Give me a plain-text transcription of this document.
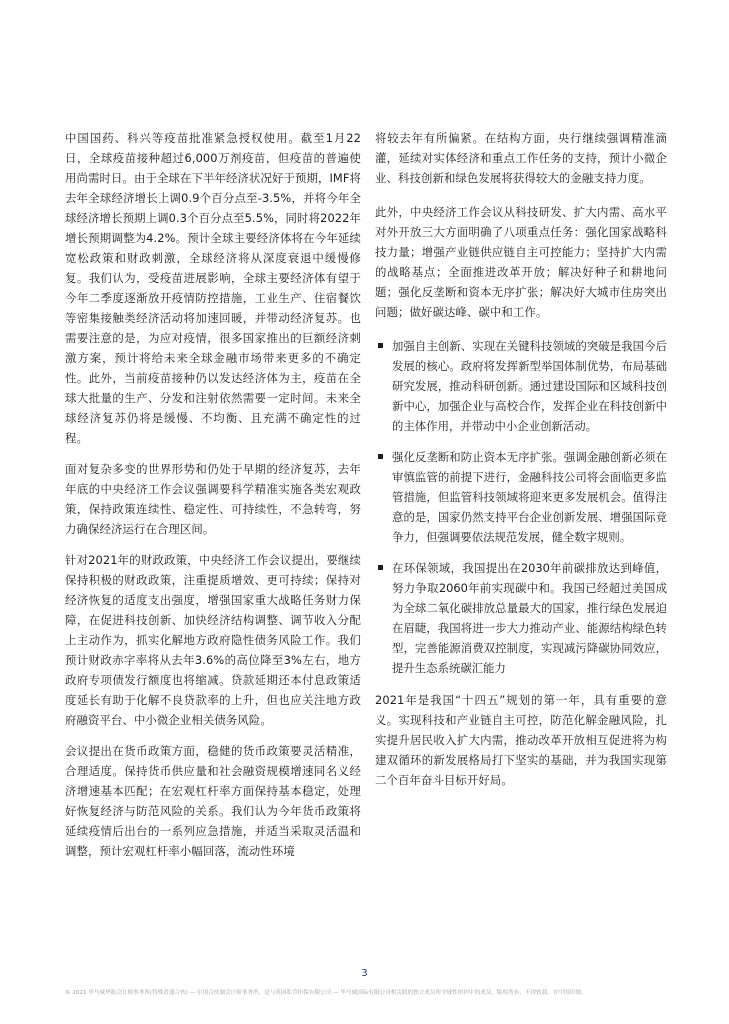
中国国药、科兴等疫苗批准紧急授权使用。截至1月22日，全球疫苗接种超过6,000万剂疫苗，但疫苗的普遍使用尚需时日。由于全球在下半年经济状况好于预期，IMF将去年全球经济增长上调0.9个百分点至-3.5%，并将今年全球经济增长预期上调0.3个百分点至5.5%，同时将2022年增长预期调整为4.2%。预计全球主要经济体将在今年延续宽松政策和财政刺激，全球经济将从深度衰退中缓慢修复。我们认为，受疫苗进展影响，全球主要经济体有望于今年二季度逐渐放开疫情防控措施，工业生产、住宿餐饮等密集接触类经济活动将加速回暖，并带动经济复苏。也需要注意的是，为应对疫情，很多国家推出的巨额经济刺激方案，预计将给未来全球金融市场带来更多的不确定性。此外，当前疫苗接种仍以发达经济体为主，疫苗在全球大批量的生产、分发和注射依然需要一定时间。未来全球经济复苏仍将是缓慢、不均衡、且充满不确定性的过程。

面对复杂多变的世界形势和仍处于早期的经济复苏，去年年底的中央经济工作会议强调要科学精准实施各类宏观政策，保持政策连续性、稳定性、可持续性，不急转弯，努力确保经济运行在合理区间。

针对2021年的财政政策，中央经济工作会议提出，要继续保持积极的财政政策，注重提质增效、更可持续；保持对经济恢复的适度支出强度，增强国家重大战略任务财力保障，在促进科技创新、加快经济结构调整、调节收入分配上主动作为，抓实化解地方政府隐性债务风险工作。我们预计财政赤字率将从去年3.6%的高位降至3%左右，地方政府专项债发行额度也将缩减。贷款延期还本付息政策适度延长有助于化解不良贷款率的上升，但也应关注地方政府融资平台、中小微企业相关债务风险。

会议提出在货币政策方面，稳健的货币政策要灵活精准，合理适度。保持货币供应量和社会融资规模增速同名义经济增速基本匹配；在宏观杠杆率方面保持基本稳定，处理好恢复经济与防范风险的关系。我们认为今年货币政策将延续疫情后出台的一系列应急措施，并适当采取灵活温和调整，预计宏观杠杆率小幅回落，流动性环境

将较去年有所偏紧。在结构方面，央行继续强调精准滴灌，延续对实体经济和重点工作任务的支持，预计小微企业、科技创新和绿色发展将获得较大的金融支持力度。

此外，中央经济工作会议从科技研发、扩大内需、高水平对外开放三大方面明确了八项重点任务：强化国家战略科技力量；增强产业链供应链自主可控能力；坚持扩大内需的战略基点；全面推进改革开放；解决好种子和耕地问题；强化反垄断和资本无序扩张；解决好大城市住房突出问题；做好碳达峰、碳中和工作。

加强自主创新、实现在关键科技领域的突破是我国今后发展的核心。政府将发挥新型举国体制优势，布局基础研究发展，推动科研创新。通过建设国际和区域科技创新中心，加强企业与高校合作，发挥企业在科技创新中的主体作用，并带动中小企业创新活动。
强化反垄断和防止资本无序扩张。强调金融创新必须在审慎监管的前提下进行，金融科技公司将会面临更多监管措施，但监管科技领域将迎来更多发展机会。值得注意的是，国家仍然支持平台企业创新发展、增强国际竞争力，但强调要依法规范发展，健全数字规则。
在环保领域，我国提出在2030年前碳排放达到峰值，努力争取2060年前实现碳中和。我国已经超过美国成为全球二氧化碳排放总量最大的国家，推行绿色发展迫在眉睫，我国将进一步大力推动产业、能源结构绿色转型，完善能源消费双控制度，实现减污降碳协同效应，提升生态系统碳汇能力

2021年是我国“十四五”规划的第一年，具有重要的意义。实现科技和产业链自主可控，防范化解金融风险，扎实提升居民收入扩大内需，推动改革开放相互促进将为构建双循环的新发展格局打下坚实的基础，并为我国实现第二个百年奋斗目标开好局。

3
© 2021 毕马威华振会计师事务所(特殊普通合伙) — 中国合伙制会计师事务所，是与英国私营担保有限公司 — 毕马威国际有限公司相关联的独立成员所全球性组织中的成员。版权所有，不得转载。在中国印制。
